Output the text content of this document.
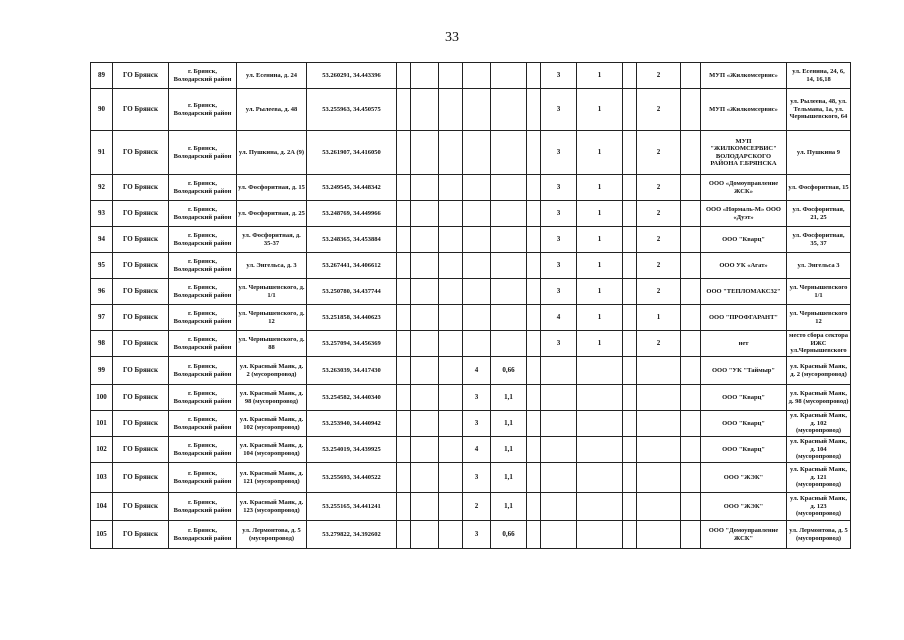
33
89	ГО Брянск	г. Брянск, Володарский район	ул. Есенина, д. 24	53.260291, 34.443396							3	1		2		МУП «Жилкомсервис»	ул. Есенина, 24, 6, 14, 16,18
90	ГО Брянск	г. Брянск, Володарский район	ул. Рылеева, д. 48	53.255963, 34.450575							3	1		2		МУП «Жилкомсервис»	ул. Рылеева, 48, ул. Тельмана, 1а, ул. Чернышевского, 64
91	ГО Брянск	г. Брянск, Володарский район	ул. Пушкина, д. 2А (9)	53.261907, 34.416050							3	1		2		МУП "ЖИЛКОМСЕРВИС" ВОЛОДАРСКОГО РАЙОНА Г.БРЯНСКА	ул. Пушкина 9
92	ГО Брянск	г. Брянск, Володарский район	ул. Фосфоритная, д. 15	53.249545, 34.448342							3	1		2		ООО «Домоуправление ЖСК»	ул. Фосфоритная, 15
93	ГО Брянск	г. Брянск, Володарский район	ул. Фосфоритная, д. 25	53.248769, 34.449966							3	1		2		ООО «Нормаль-М» ООО «Дуэт»	ул. Фосфоритная, 21, 25
94	ГО Брянск	г. Брянск, Володарский район	ул. Фосфоритная, д. 35-37	53.248365, 34.453884							3	1		2		ООО "Кварц"	ул. Фосфоритная, 35, 37
95	ГО Брянск	г. Брянск, Володарский район	ул. Энгельса, д. 3	53.267441, 34.406612							3	1		2		ООО УК «Агат»	ул. Энгельса 3
96	ГО Брянск	г. Брянск, Володарский район	ул. Чернышевского, д. 1/1	53.250780, 34.437744							3	1		2		ООО "ТЕПЛОМАКС32"	ул. Чернышевского 1/1
97	ГО Брянск	г. Брянск, Володарский район	ул. Чернышевского, д. 12	53.251858, 34.440623							4	1		1		ООО "ПРОФГАРАНТ"	ул. Чернышевского 12
98	ГО Брянск	г. Брянск, Володарский район	ул. Чернышевского, д. 88	53.257094, 34.456369							3	1		2		нет	место сбора сектора ИЖС ул.Чернышевского
99	ГО Брянск	г. Брянск, Володарский район	ул. Красный Маяк, д. 2 (мусоропровод)	53.263039, 34.417430				4	0,66							ООО "УК "Таймыр"	ул. Красный Маяк, д. 2 (мусоропровод)
100	ГО Брянск	г. Брянск, Володарский район	ул. Красный Маяк, д. 98 (мусоропровод)	53.254582, 34.440340				3	1,1							ООО "Кварц"	ул. Красный Маяк, д. 98 (мусоропровод)
101	ГО Брянск	г. Брянск, Володарский район	ул. Красный Маяк, д. 102 (мусоропровод)	53.253940, 34.440942				3	1,1							ООО "Кварц"	ул. Красный Маяк, д. 102 (мусоропровод)
102	ГО Брянск	г. Брянск, Володарский район	ул. Красный Маяк, д. 104 (мусоропровод)	53.254019, 34.439925				4	1,1							ООО "Кварц"	ул. Красный Маяк, д. 104 (мусоропровод)
103	ГО Брянск	г. Брянск, Володарский район	ул. Красный Маяк, д. 121 (мусоропровод)	53.255693, 34.440522				3	1,1							ООО "ЖЭК"	ул. Красный Маяк, д. 121 (мусоропровод)
104	ГО Брянск	г. Брянск, Володарский район	ул. Красный Маяк, д. 123 (мусоропровод)	53.255165, 34.441241				2	1,1							ООО "ЖЭК"	ул. Красный Маяк, д. 123 (мусоропровод)
105	ГО Брянск	г. Брянск, Володарский район	ул. Лермонтова, д. 5 (мусоропровод)	53.279822, 34.392602				3	0,66							ООО "Домоуправление ЖСК"	ул. Лермонтова, д. 5 (мусоропровод)
